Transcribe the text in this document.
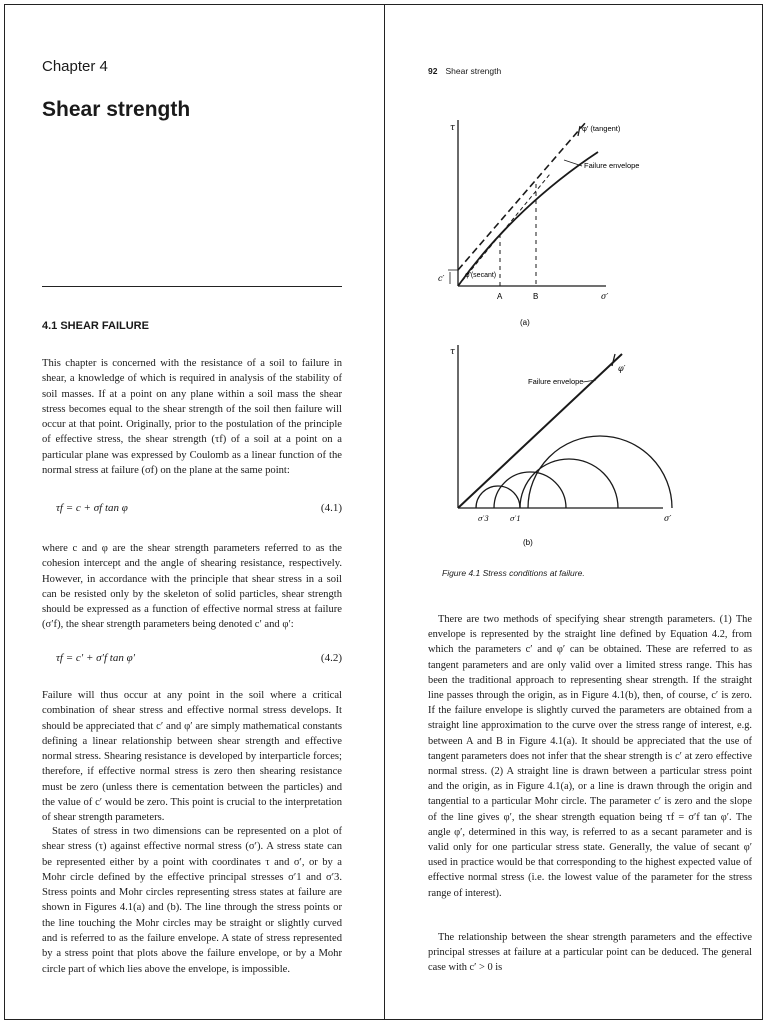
Chapter 4
Shear strength
4.1 SHEAR FAILURE

This chapter is concerned with the resistance of a soil to failure in shear, a knowledge of which is required in analysis of the stability of soil masses. If at a point on any plane within a soil mass the shear stress becomes equal to the shear strength of the soil then failure will occur at that point. Originally, prior to the postulation of the principle of effective stress, the shear strength (τf) of a soil at a point on a particular plane was expressed by Coulomb as a linear function of the normal stress at failure (σf) on the plane at the same point:

τf = c + σf tan φ	(4.1)

where c and φ are the shear strength parameters referred to as the cohesion intercept and the angle of shearing resistance, respectively. However, in accordance with the principle that shear stress in a soil can be resisted only by the skeleton of solid particles, shear strength should be expressed as a function of effective normal stress at failure (σ′f), the shear strength parameters being denoted c′ and φ′:

τf = c′ + σ′f tan φ′	(4.2)

Failure will thus occur at any point in the soil where a critical combination of shear stress and effective normal stress develops. It should be appreciated that c′ and φ′ are simply mathematical constants defining a linear relationship between shear strength and effective normal stress. Shearing resistance is developed by interparticle forces; therefore, if effective normal stress is zero then shearing resistance must be zero (unless there is cementation between the particles) and the value of c′ would be zero. This point is crucial to the interpretation of shear strength parameters.

States of stress in two dimensions can be represented on a plot of shear stress (τ) against effective normal stress (σ′). A stress state can be represented either by a point with coordinates τ and σ′, or by a Mohr circle defined by the effective principal stresses σ′1 and σ′3. Stress points and Mohr circles representing stress states at failure are shown in Figures 4.1(a) and (b). The line through the stress points or the line touching the Mohr circles may be straight or slightly curved and is referred to as the failure envelope. A state of stress represented by a stress point that plots above the failure envelope, or by a Mohr circle part of which lies above the envelope, is impossible.

92 Shear strength
τ
c′
φ′ (tangent)
Failure envelope
φ′(secant)
A	B	σ′
(a)
τ
Failure envelope
φ′
σ′3	σ′1	σ′
(b)
Figure 4.1 Stress conditions at failure.

There are two methods of specifying shear strength parameters. (1) The envelope is represented by the straight line defined by Equation 4.2, from which the parameters c′ and φ′ can be obtained. These are referred to as tangent parameters and are only valid over a limited stress range. This has been the traditional approach to representing shear strength. If the straight line passes through the origin, as in Figure 4.1(b), then, of course, c′ is zero. If the failure envelope is slightly curved the parameters are obtained from a straight line approximation to the curve over the stress range of interest, e.g. between A and B in Figure 4.1(a). It should be appreciated that the use of tangent parameters does not infer that the shear strength is c′ at zero effective normal stress. (2) A straight line is drawn between a particular stress point and the origin, as in Figure 4.1(a), or a line is drawn through the origin and tangential to a particular Mohr circle. The parameter c′ is zero and the slope of the line gives φ′, the shear strength equation being τf = σ′f tan φ′. The angle φ′, determined in this way, is referred to as a secant parameter and is valid only for one particular stress state. Generally, the value of secant φ′ used in practice would be that corresponding to the highest expected value of effective normal stress (i.e. the lowest value of the parameter for the stress range of interest).

The relationship between the shear strength parameters and the effective principal stresses at failure at a particular point can be deduced. The general case with c′ > 0 is
